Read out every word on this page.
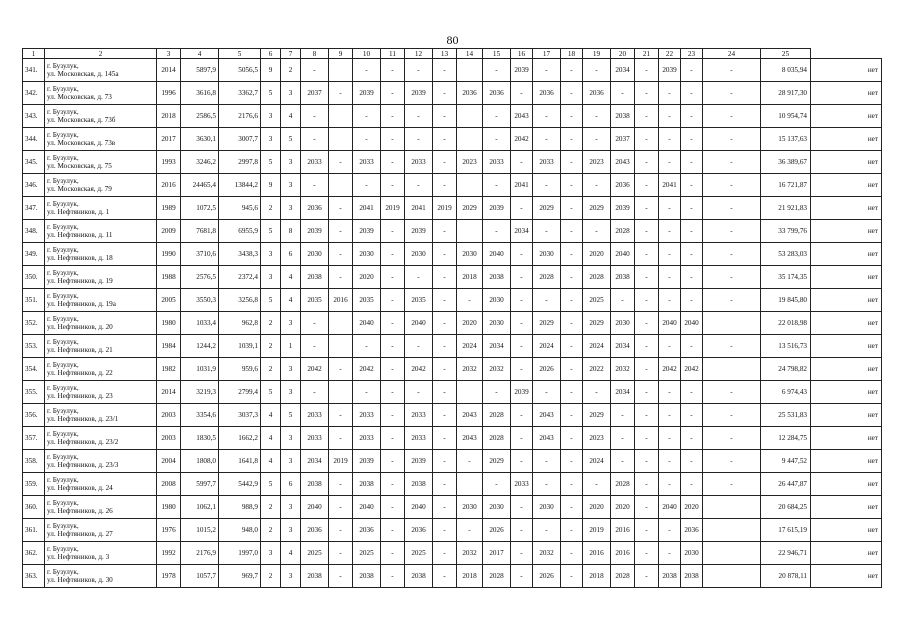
80
1	2	3	4	5	6	7	8	9	10	11	12	13	14	15	16	17	18	19	20	21	22	23	24	25	
341.	г. Бузулук,
ул. Московская, д. 145а	2014	5897,9	5056,5	9	2	-		-	-	-	-		-	2039	-	-	-	2034	-	2039	-	-	8 035,94	нет
342.	г. Бузулук,
ул. Московская, д. 73	1996	3616,8	3362,7	5	3	2037	-	2039	-	2039	-	2036	2036	-	2036	-	2036	-	-	-	-	-	28 917,30	нет
343.	г. Бузулук,
ул. Московская, д. 73б	2018	2586,5	2176,6	3	4	-		-	-	-	-		-	2043	-	-	-	2038	-	-	-	-	10 954,74	нет
344.	г. Бузулук,
ул. Московская, д. 73в	2017	3630,1	3007,7	3	5	-		-	-	-	-		-	2042	-	-	-	2037	-	-	-	-	15 137,63	нет
345.	г. Бузулук,
ул. Московская, д. 75	1993	3246,2	2997,8	5	3	2033	-	2033	-	2033	-	2023	2033	-	2033	-	2023	2043	-	-	-	-	36 389,67	нет
346.	г. Бузулук,
ул. Московская, д. 79	2016	24465,4	13844,2	9	3	-		-	-	-	-		-	2041	-	-	-	2036	-	2041	-	-	16 721,87	нет
347.	г. Бузулук,
ул. Нефтяников, д. 1	1989	1072,5	945,6	2	3	2036	-	2041	2019	2041	2019	2029	2039	-	2029	-	2029	2039	-	-	-	-	21 921,83	нет
348.	г. Бузулук,
ул. Нефтяников, д. 11	2009	7681,8	6955,9	5	8	2039	-	2039	-	2039	-		-	2034	-	-	-	2028	-	-	-	-	33 799,76	нет
349.	г. Бузулук,
ул. Нефтяников, д. 18	1990	3710,6	3438,3	3	6	2030	-	2030	-	2030	-	2030	2040	-	2030	-	2020	2040	-	-	-	-	53 283,03	нет
350.	г. Бузулук,
ул. Нефтяников, д. 19	1988	2576,5	2372,4	3	4	2038	-	2020	-	-	-	2018	2038	-	2028	-	2028	2038	-	-	-	-	35 174,35	нет
351.	г. Бузулук,
ул. Нефтяников, д. 19а	2005	3550,3	3256,8	5	4	2035	2016	2035	-	2035	-	-	2030	-	-	-	2025	-	-	-	-	-	19 845,80	нет
352.	г. Бузулук,
ул. Нефтяников, д. 20	1980	1033,4	962,8	2	3	-		2040	-	2040	-	2020	2030	-	2029	-	2029	2030	-	2040	2040		22 018,98	нет
353.	г. Бузулук,
ул. Нефтяников, д. 21	1984	1244,2	1039,1	2	1	-		-	-	-	-	2024	2034	-	2024	-	2024	2034	-	-	-	-	13 516,73	нет
354.	г. Бузулук,
ул. Нефтяников, д. 22	1982	1031,9	959,6	2	3	2042	-	2042	-	2042	-	2032	2032	-	2026	-	2022	2032	-	2042	2042		24 798,82	нет
355.	г. Бузулук,
ул. Нефтяников, д. 23	2014	3219,3	2799,4	5	3	-		-	-	-	-		-	2039	-	-	-	2034	-	-	-	-	6 974,43	нет
356.	г. Бузулук,
ул. Нефтяников, д. 23/1	2003	3354,6	3037,3	4	5	2033	-	2033	-	2033	-	2043	2028	-	2043	-	2029	-	-	-	-	-	25 531,83	нет
357.	г. Бузулук,
ул. Нефтяников, д. 23/2	2003	1830,5	1662,2	4	3	2033	-	2033	-	2033	-	2043	2028	-	2043	-	2023	-	-	-	-	-	12 284,75	нет
358.	г. Бузулук,
ул. Нефтяников, д. 23/3	2004	1808,0	1641,8	4	3	2034	2019	2039	-	2039	-	-	2029	-	-	-	2024	-	-	-	-	-	9 447,52	нет
359.	г. Бузулук,
ул. Нефтяников, д. 24	2008	5997,7	5442,9	5	6	2038	-	2038	-	2038	-		-	2033	-	-	-	2028	-	-	-	-	26 447,87	нет
360.	г. Бузулук,
ул. Нефтяников, д. 26	1980	1062,1	988,9	2	3	2040	-	2040	-	2040	-	2030	2030	-	2030	-	2020	2020	-	2040	2020		20 684,25	нет
361.	г. Бузулук,
ул. Нефтяников, д. 27	1976	1015,2	948,0	2	3	2036	-	2036	-	2036	-	-	2026	-	-	-	2019	2016	-	-	2036		17 615,19	нет
362.	г. Бузулук,
ул. Нефтяников, д. 3	1992	2176,9	1997,0	3	4	2025	-	2025	-	2025	-	2032	2017	-	2032	-	2016	2016	-	-	2030		22 946,71	нет
363.	г. Бузулук,
ул. Нефтяников, д. 30	1978	1057,7	969,7	2	3	2038	-	2038	-	2038	-	2018	2028	-	2026	-	2018	2028	-	2038	2038		20 878,11	нет
